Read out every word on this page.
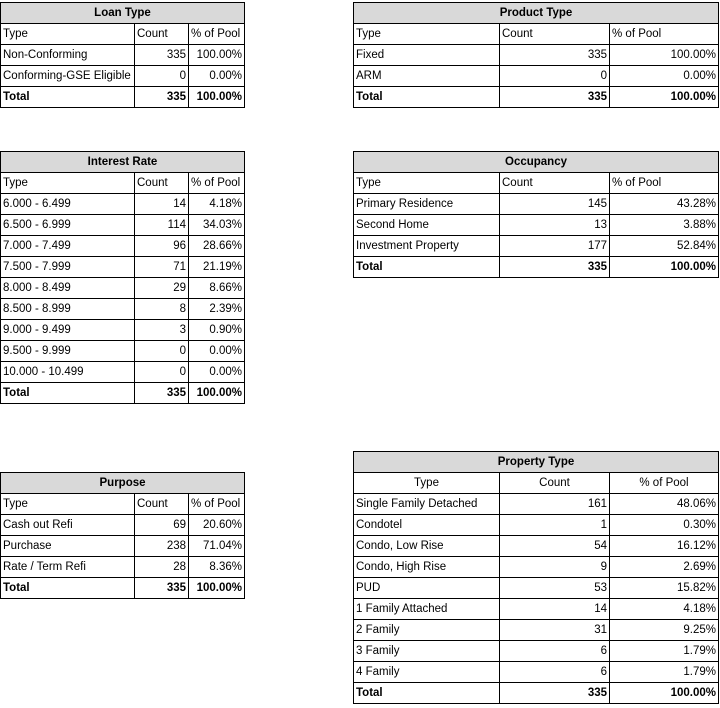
Loan Type		
Type	Count	% of Pool
Non-Conforming	335	100.00%
Conforming-GSE Eligible	0	0.00%
Total	335	100.00%
Product Type		
Type	Count	% of Pool
Fixed	335	100.00%
ARM	0	0.00%
Total	335	100.00%
Interest Rate		
Type	Count	% of Pool
6.000 - 6.499	14	4.18%
6.500 - 6.999	114	34.03%
7.000 - 7.499	96	28.66%
7.500 - 7.999	71	21.19%
8.000 - 8.499	29	8.66%
8.500 - 8.999	8	2.39%
9.000 - 9.499	3	0.90%
9.500 - 9.999	0	0.00%
10.000 - 10.499	0	0.00%
Total	335	100.00%
Occupancy		
Type	Count	% of Pool
Primary Residence	145	43.28%
Second Home	13	3.88%
Investment Property	177	52.84%
Total	335	100.00%
Purpose		
Type	Count	% of Pool
Cash out Refi	69	20.60%
Purchase	238	71.04%
Rate / Term Refi	28	8.36%
Total	335	100.00%
Property Type		
Type	Count	% of Pool
Single Family Detached	161	48.06%
Condotel	1	0.30%
Condo, Low Rise	54	16.12%
Condo, High Rise	9	2.69%
PUD	53	15.82%
1 Family Attached	14	4.18%
2 Family	31	9.25%
3 Family	6	1.79%
4 Family	6	1.79%
Total	335	100.00%
